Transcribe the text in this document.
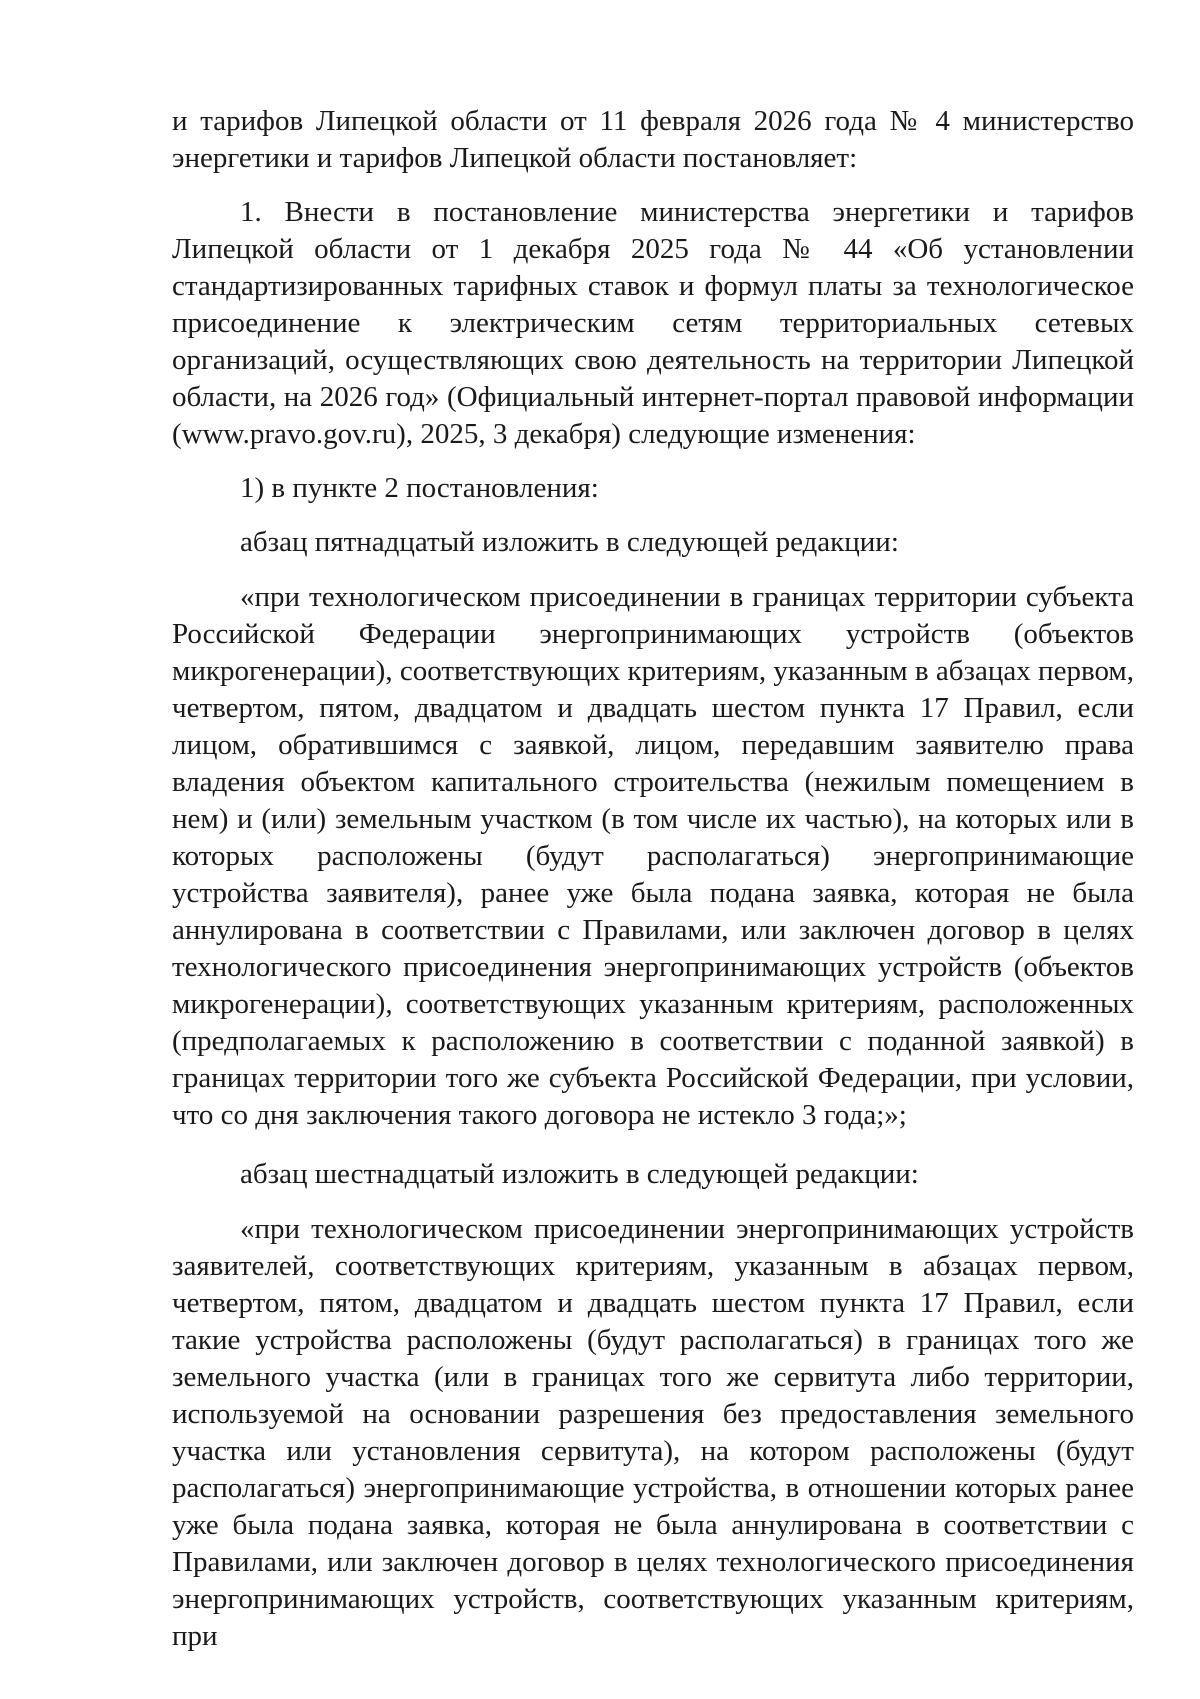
и тарифов Липецкой области от 11 февраля 2026 года № 4 министерство энергетики и тарифов Липецкой области постановляет:

1. Внести в постановление министерства энергетики и тарифов Липецкой области от 1 декабря 2025 года № 44 «Об установлении стандартизированных тарифных ставок и формул платы за технологическое присоединение к электрическим сетям территориальных сетевых организаций, осуществляющих свою деятельность на территории Липецкой области, на 2026 год» (Официальный интернет-портал правовой информации (www.pravo.gov.ru), 2025, 3 декабря) следующие изменения:

1) в пункте 2 постановления:

абзац пятнадцатый изложить в следующей редакции:

«при технологическом присоединении в границах территории субъекта Российской Федерации энергопринимающих устройств (объектов микрогенерации), соответствующих критериям, указанным в абзацах первом, четвертом, пятом, двадцатом и двадцать шестом пункта 17 Правил, если лицом, обратившимся с заявкой, лицом, передавшим заявителю права владения объектом капитального строительства (нежилым помещением в нем) и (или) земельным участком (в том числе их частью), на которых или в которых расположены (будут располагаться) энергопринимающие устройства заявителя), ранее уже была подана заявка, которая не была аннулирована в соответствии с Правилами, или заключен договор в целях технологического присоединения энергопринимающих устройств (объектов микрогенерации), соответствующих указанным критериям, расположенных (предполагаемых к расположению в соответствии с поданной заявкой) в границах территории того же субъекта Российской Федерации, при условии, что со дня заключения такого договора не истекло 3 года;»;

абзац шестнадцатый изложить в следующей редакции:

«при технологическом присоединении энергопринимающих устройств заявителей, соответствующих критериям, указанным в абзацах первом, четвертом, пятом, двадцатом и двадцать шестом пункта 17 Правил, если такие устройства расположены (будут располагаться) в границах того же земельного участка (или в границах того же сервитута либо территории, используемой на основании разрешения без предоставления земельного участка или установления сервитута), на котором расположены (будут располагаться) энергопринимающие устройства, в отношении которых ранее уже была подана заявка, которая не была аннулирована в соответствии с Правилами, или заключен договор в целях технологического присоединения энергопринимающих устройств, соответствующих указанным критериям, при
